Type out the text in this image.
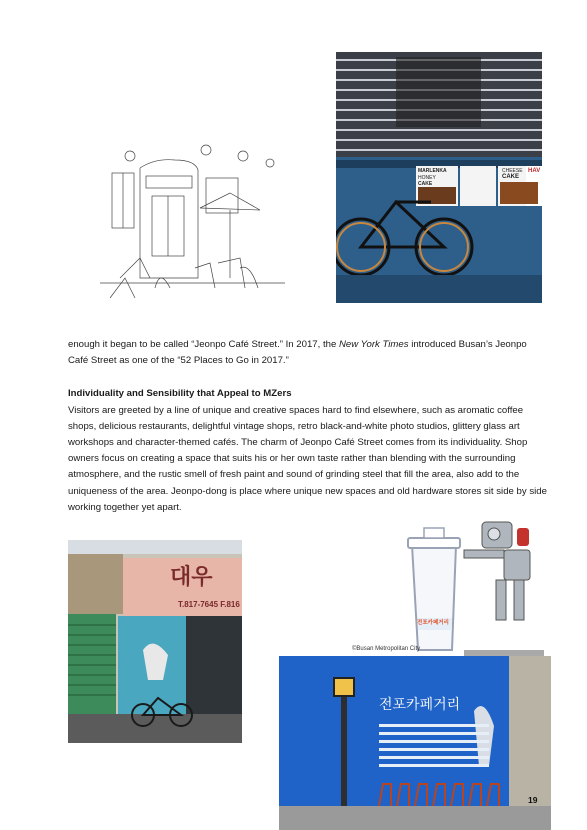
MARLENKA
HONEY
CAKE
CHEESE
CAKE
HAV

enough it began to be called “Jeonpo Café Street.” In 2017, the New York Times introduced Busan’s Jeonpo Café Street as one of the “52 Places to Go in 2017.”

Individuality and Sensibility that Appeal to MZers

Visitors are greeted by a line of unique and creative spaces hard to find elsewhere, such as aromatic coffee shops, delicious restaurants, delightful vintage shops, retro black-and-white photo studios, glittery glass art workshops and character-themed cafés. The charm of Jeonpo Café Street comes from its individuality. Shop owners focus on creating a space that suits his or her own taste rather than blending with the surrounding atmosphere, and the rustic smell of fresh paint and sound of grinding steel that fill the area, also add to the uniqueness of the area. Jeonpo-dong is place where unique new spaces and old hardware stores sit side by side working together yet apart.

대우
T.817-7645 F.816
전포카페거리
©Busan Metropolitan City
전포카페거리
19
